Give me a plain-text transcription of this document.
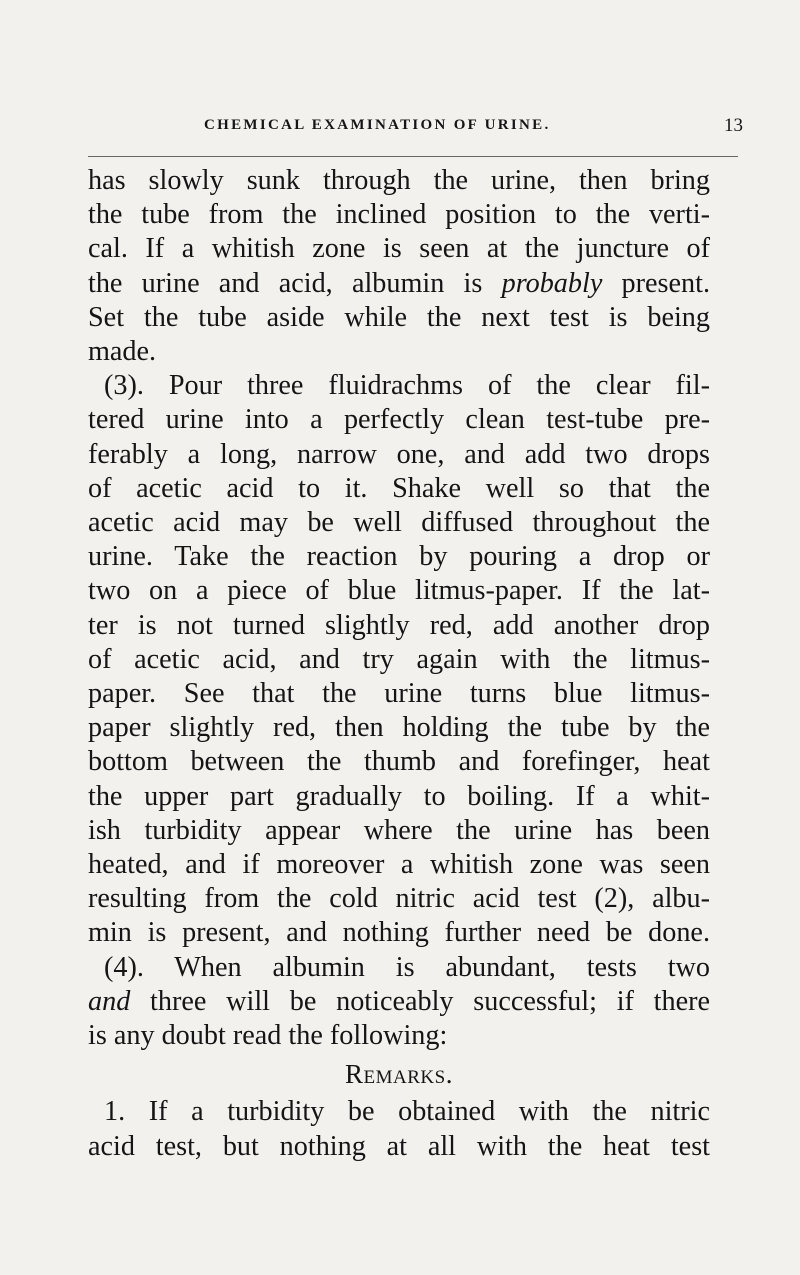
CHEMICAL EXAMINATION OF URINE.	13
has slowly sunk through the urine, then bring
the tube from the inclined position to the verti-
cal. If a whitish zone is seen at the juncture of
the urine and acid, albumin is probably present.
Set the tube aside while the next test is being
made.
(3). Pour three fluidrachms of the clear fil-
tered urine into a perfectly clean test-tube pre-
ferably a long, narrow one, and add two drops
of acetic acid to it. Shake well so that the
acetic acid may be well diffused throughout the
urine. Take the reaction by pouring a drop or
two on a piece of blue litmus-paper. If the lat-
ter is not turned slightly red, add another drop
of acetic acid, and try again with the litmus-
paper. See that the urine turns blue litmus-
paper slightly red, then holding the tube by the
bottom between the thumb and forefinger, heat
the upper part gradually to boiling. If a whit-
ish turbidity appear where the urine has been
heated, and if moreover a whitish zone was seen
resulting from the cold nitric acid test (2), albu-
min is present, and nothing further need be done.
(4). When albumin is abundant, tests two
and three will be noticeably successful; if there
is any doubt read the following:
Remarks.
1. If a turbidity be obtained with the nitric
acid test, but nothing at all with the heat test
